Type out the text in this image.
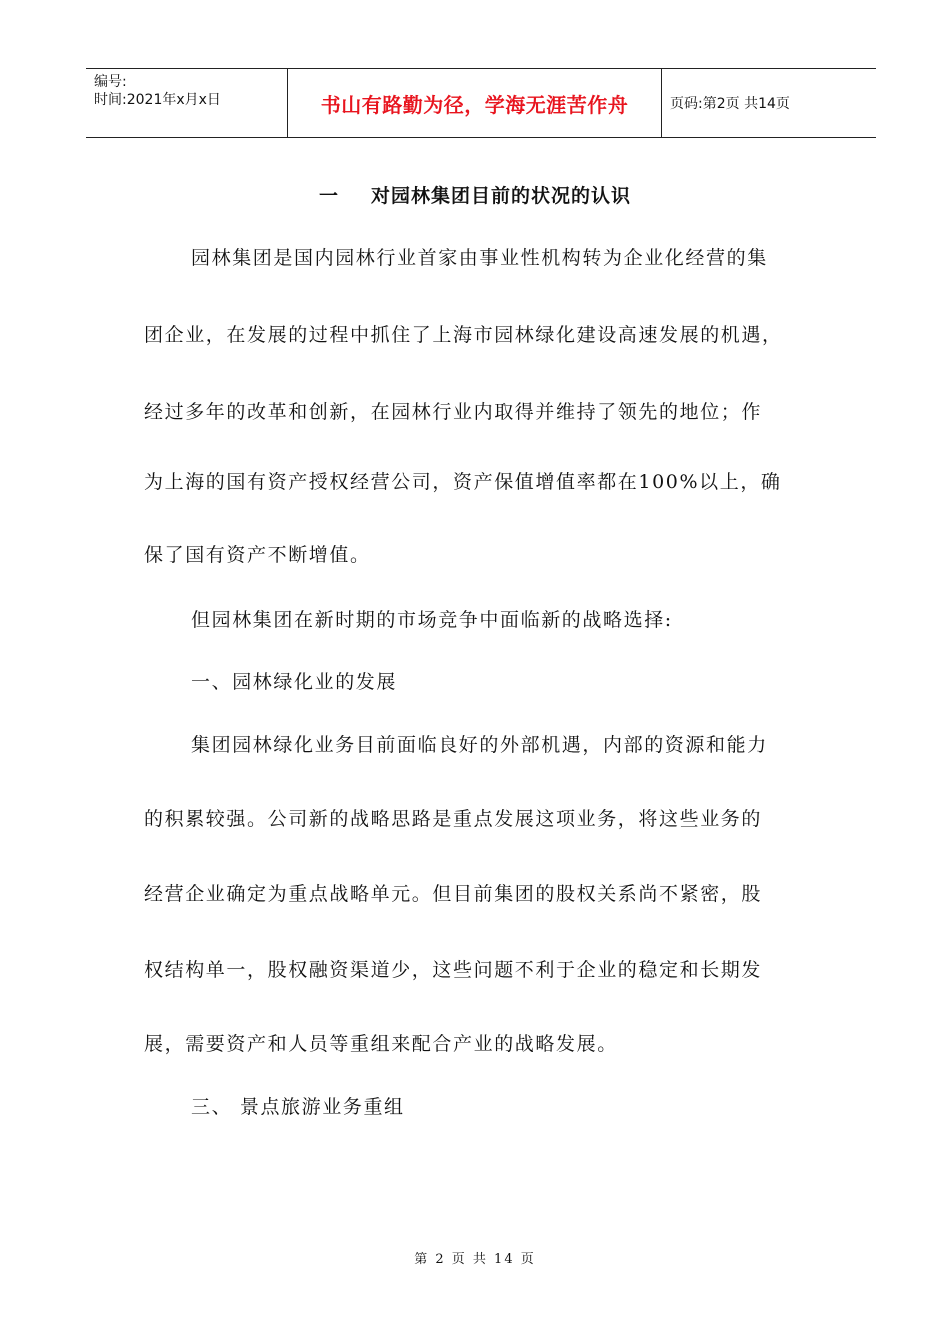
编号:
时间:2021年x月x日	书山有路勤为径，学海无涯苦作舟	页码:第2页 共14页
一 对园林集团目前的状况的认识
园林集团是国内园林行业首家由事业性机构转为企业化经营的集
团企业，在发展的过程中抓住了上海市园林绿化建设高速发展的机遇，
经过多年的改革和创新，在园林行业内取得并维持了领先的地位；作
为上海的国有资产授权经营公司，资产保值增值率都在100%以上，确
保了国有资产不断增值。
但园林集团在新时期的市场竞争中面临新的战略选择:
一、园林绿化业的发展
集团园林绿化业务目前面临良好的外部机遇，内部的资源和能力
的积累较强。公司新的战略思路是重点发展这项业务，将这些业务的
经营企业确定为重点战略单元。但目前集团的股权关系尚不紧密，股
权结构单一，股权融资渠道少，这些问题不利于企业的稳定和长期发
展，需要资产和人员等重组来配合产业的战略发展。
三、 景点旅游业务重组
第 2 页 共 14 页
